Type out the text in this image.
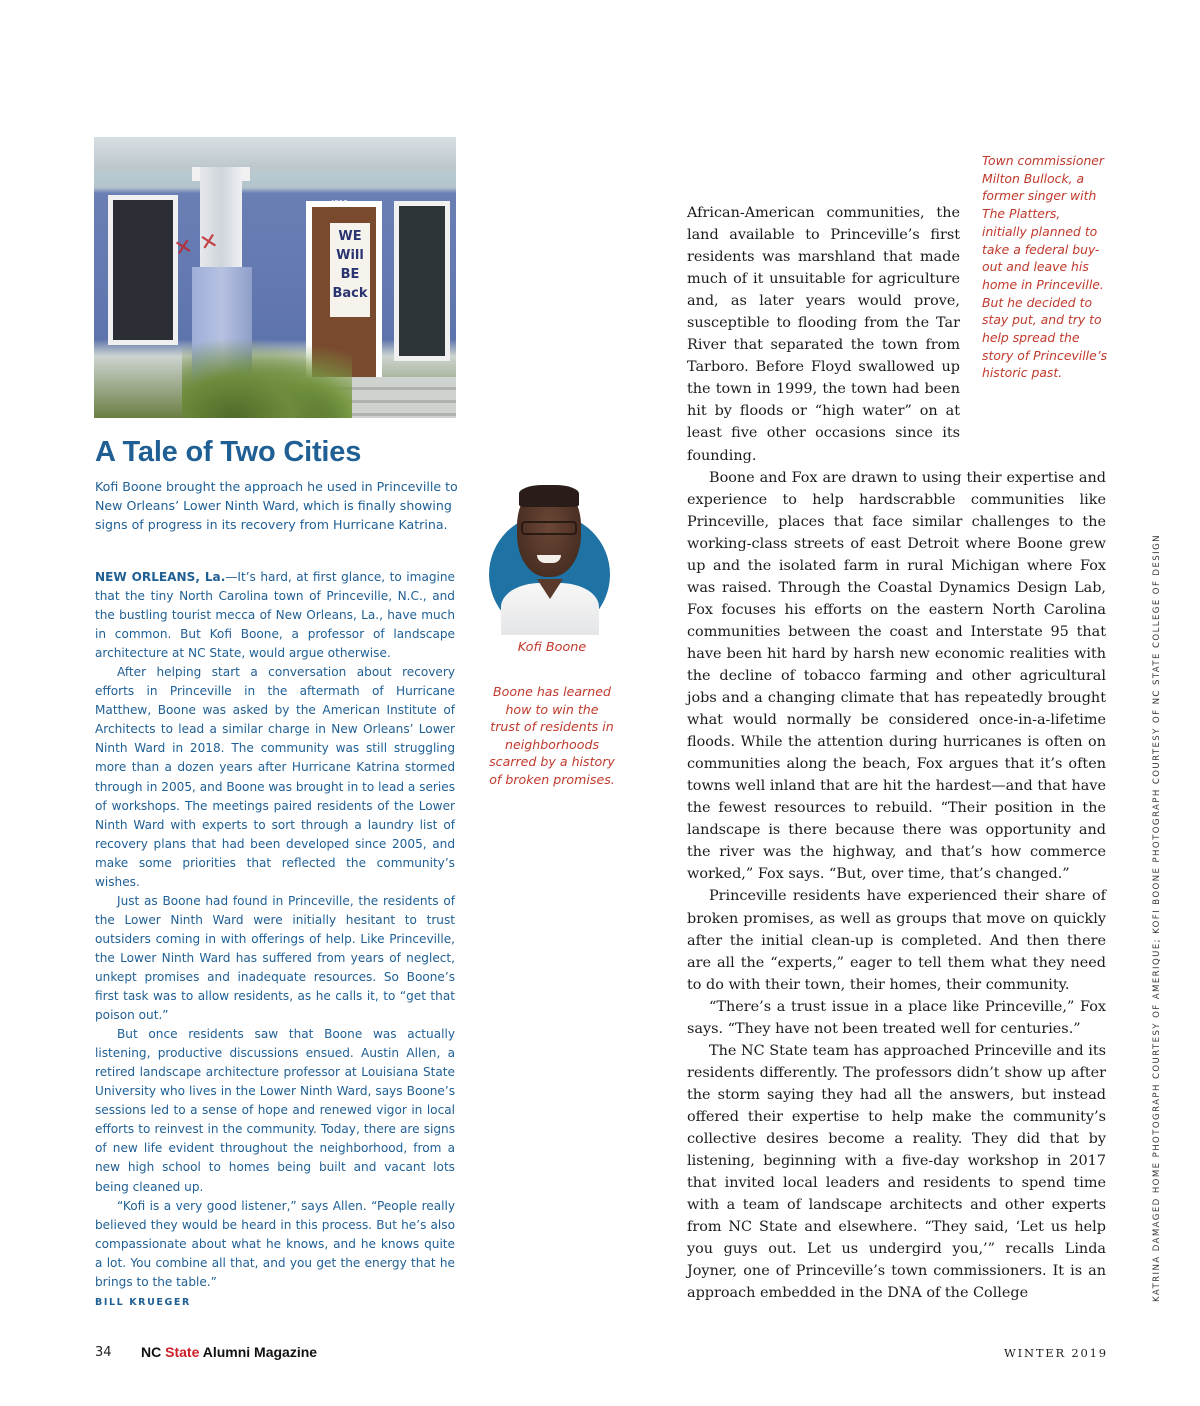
✕ ✕
4513
WE Will BE Back
A Tale of Two Cities

Kofi Boone brought the approach he used in Princeville to New Orleans’ Lower Ninth Ward, which is finally showing signs of progress in its recovery from Hurricane Katrina.

NEW ORLEANS, La.—It’s hard, at first glance, to imagine that the tiny North Carolina town of Princeville, N.C., and the bustling tourist mecca of New Orleans, La., have much in common. But Kofi Boone, a professor of landscape architecture at NC State, would argue otherwise.

After helping start a conversation about recovery efforts in Princeville in the aftermath of Hurricane Matthew, Boone was asked by the American Institute of Architects to lead a similar charge in New Orleans’ Lower Ninth Ward in 2018. The community was still struggling more than a dozen years after Hurricane Katrina stormed through in 2005, and Boone was brought in to lead a series of workshops. The meetings paired residents of the Lower Ninth Ward with experts to sort through a laundry list of recovery plans that had been developed since 2005, and make some priorities that reflected the community’s wishes.

Just as Boone had found in Princeville, the residents of the Lower Ninth Ward were initially hesitant to trust outsiders coming in with offerings of help. Like Princeville, the Lower Ninth Ward has suffered from years of neglect, unkept promises and inadequate resources. So Boone’s first task was to allow residents, as he calls it, to “get that poison out.”

But once residents saw that Boone was actually listening, productive discussions ensued. Austin Allen, a retired landscape architecture professor at Louisiana State University who lives in the Lower Ninth Ward, says Boone’s sessions led to a sense of hope and renewed vigor in local efforts to reinvest in the community. Today, there are signs of new life evident throughout the neighborhood, from a new high school to homes being built and vacant lots being cleaned up.

“Kofi is a very good listener,” says Allen. “People really believed they would be heard in this process. But he’s also compassionate about what he knows, and he knows quite a lot. You combine all that, and you get the energy that he brings to the table.”

BILL KRUEGER
Kofi Boone
Boone has learned how to win the trust of residents in neighborhoods scarred by a history of broken promises.
Town commissioner Milton Bullock, a former singer with The Platters, initially planned to take a federal buy-out and leave his home in Princeville. But he decided to stay put, and try to help spread the story of Princeville’s historic past.

African-American communities, the land available to Princeville’s first residents was marshland that made much of it unsuitable for agriculture and, as later years would prove, susceptible to flooding from the Tar River that separated the town from Tarboro. Before Floyd swallowed up the town in 1999, the town had been hit by floods or “high water” on at least five other occasions since its founding.

Boone and Fox are drawn to using their expertise and experience to help hardscrabble communities like Princeville, places that face similar challenges to the working-class streets of east Detroit where Boone grew up and the isolated farm in rural Michigan where Fox was raised. Through the Coastal Dynamics Design Lab, Fox focuses his efforts on the eastern North Carolina communities between the coast and Interstate 95 that have been hit hard by harsh new economic realities with the decline of tobacco farming and other agricultural jobs and a changing climate that has repeatedly brought what would normally be considered once-in-a-lifetime floods. While the attention during hurricanes is often on communities along the beach, Fox argues that it’s often towns well inland that are hit the hardest—and that have the fewest resources to rebuild. “Their position in the landscape is there because there was opportunity and the river was the highway, and that’s how commerce worked,” Fox says. “But, over time, that’s changed.”

Princeville residents have experienced their share of broken promises, as well as groups that move on quickly after the initial clean-up is completed. And then there are all the “experts,” eager to tell them what they need to do with their town, their homes, their community.

“There’s a trust issue in a place like Princeville,” Fox says. “They have not been treated well for centuries.”

The NC State team has approached Princeville and its residents differently. The professors didn’t show up after the storm saying they had all the answers, but instead offered their expertise to help make the community’s collective desires become a reality. They did that by listening, beginning with a five-day workshop in 2017 that invited local leaders and residents to spend time with a team of landscape architects and other experts from NC State and elsewhere. “They said, ‘Let us help you guys out. Let us undergird you,’” recalls Linda Joyner, one of Princeville’s town commissioners. It is an approach embedded in the DNA of the College	KATRINA DAMAGED HOME PHOTOGRAPH COURTESY OF AMERIQUE; KOFI BOONE PHOTOGRAPH COURTESY OF NC STATE COLLEGE OF DESIGN
34 NC State Alumni Magazine	WINTER 2019
